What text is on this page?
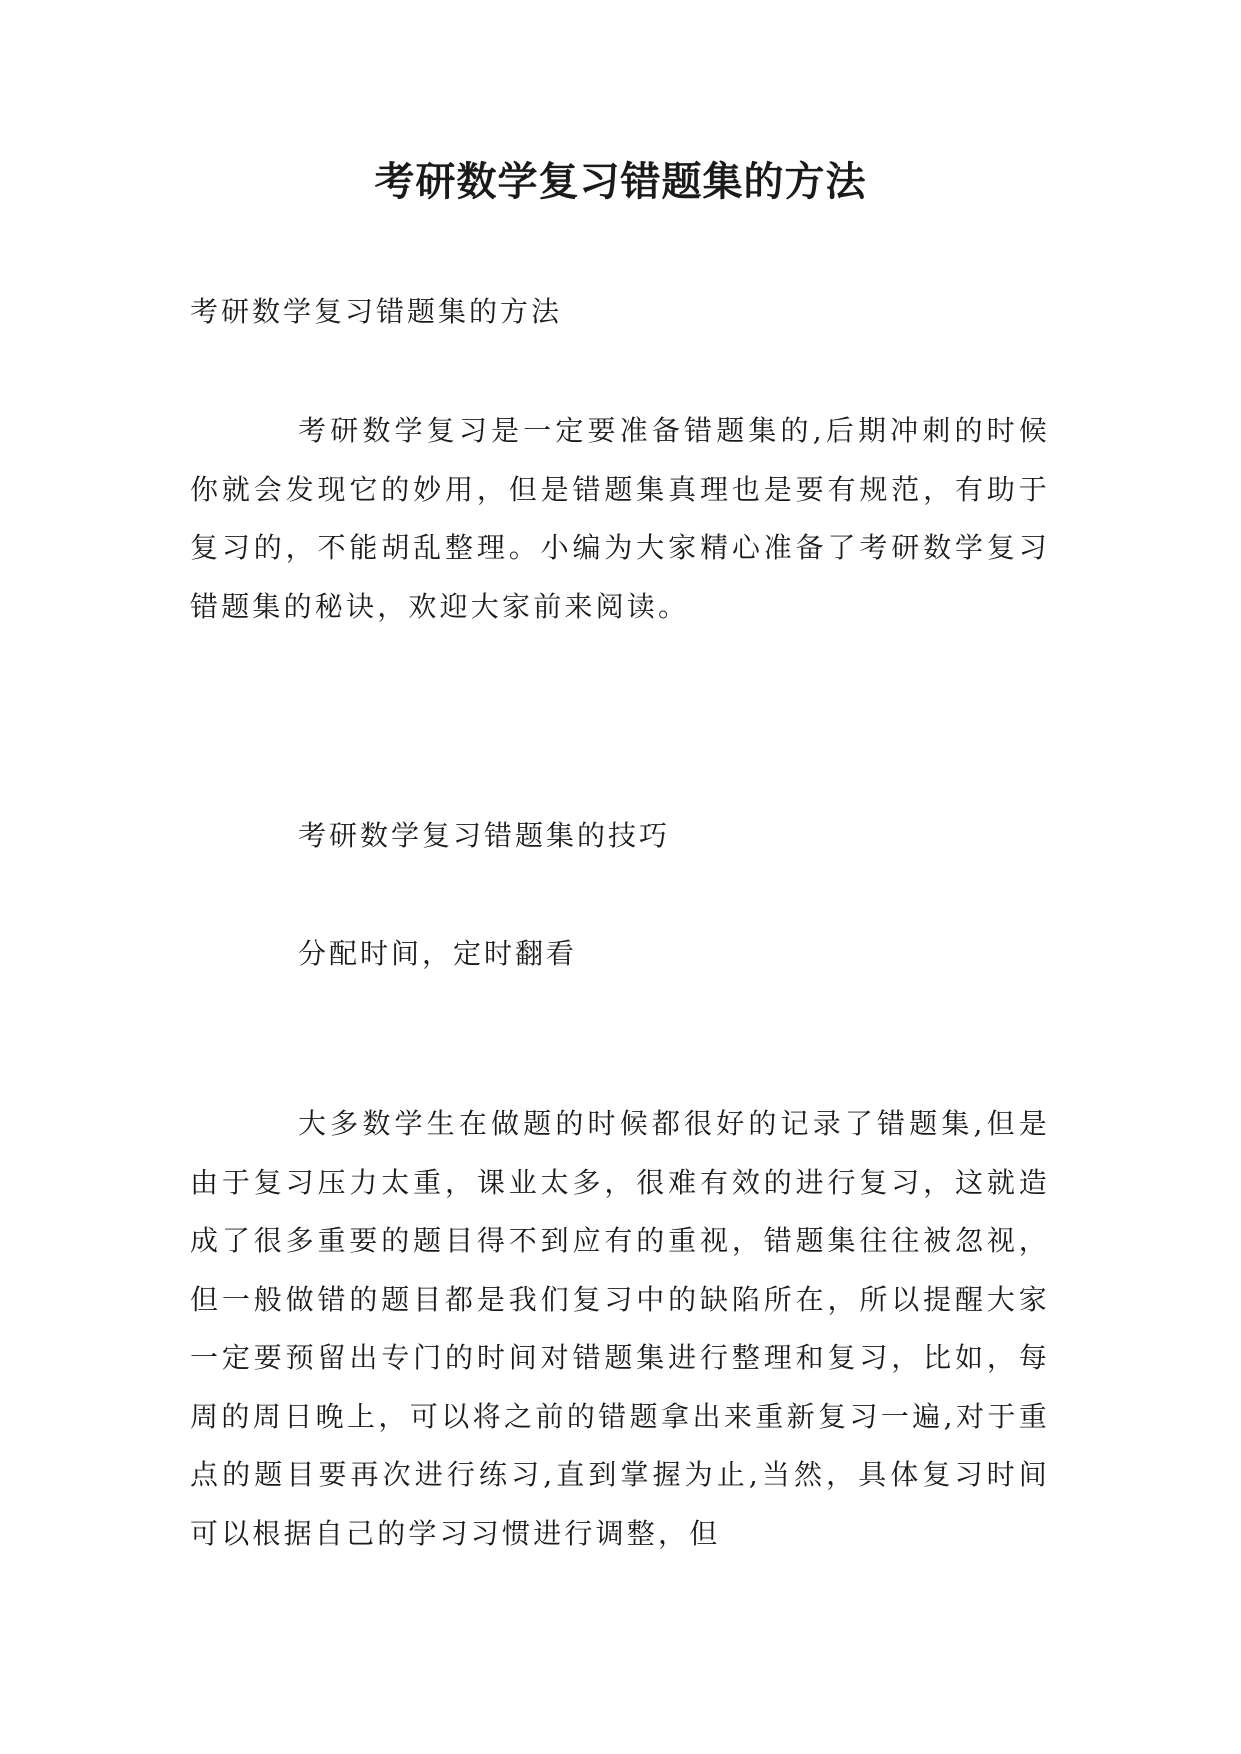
考研数学复习错题集的方法

考研数学复习错题集的方法

考研数学复习是一定要准备错题集的,后期冲刺的时候你就会发现它的妙用，但是错题集真理也是要有规范，有助于复习的，不能胡乱整理。小编为大家精心准备了考研数学复习错题集的秘诀，欢迎大家前来阅读。

考研数学复习错题集的技巧

分配时间，定时翻看

大多数学生在做题的时候都很好的记录了错题集,但是由于复习压力太重，课业太多，很难有效的进行复习，这就造成了很多重要的题目得不到应有的重视，错题集往往被忽视，但一般做错的题目都是我们复习中的缺陷所在，所以提醒大家一定要预留出专门的时间对错题集进行整理和复习，比如，每周的周日晚上，可以将之前的错题拿出来重新复习一遍,对于重点的题目要再次进行练习,直到掌握为止,当然，具体复习时间可以根据自己的学习习惯进行调整，但
